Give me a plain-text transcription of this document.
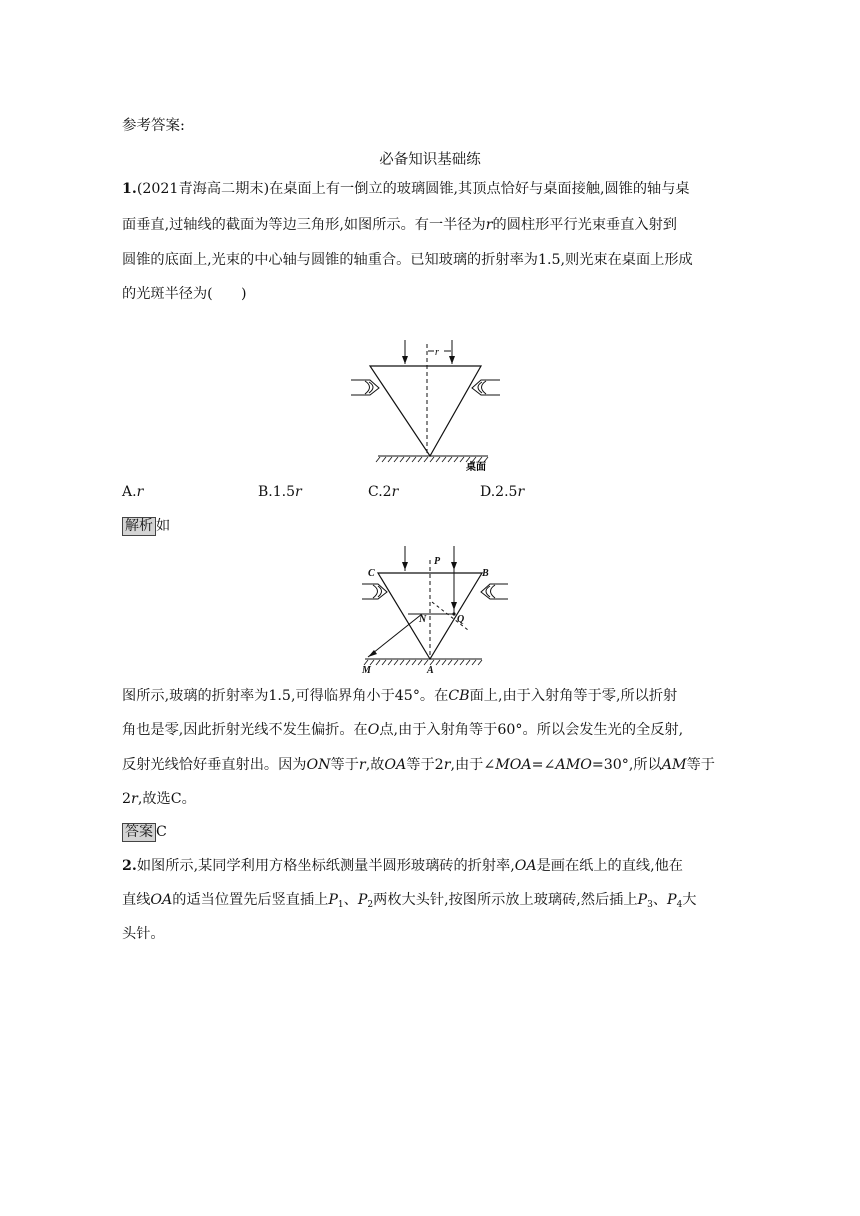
参考答案:
必备知识基础练
1.(2021青海高二期末)在桌面上有一倒立的玻璃圆锥,其顶点恰好与桌面接触,圆锥的轴与桌
面垂直,过轴线的截面为等边三角形,如图所示。有一半径为r的圆柱形平行光束垂直入射到
圆锥的底面上,光束的中心轴与圆锥的轴重合。已知玻璃的折射率为1.5,则光束在桌面上形成
的光斑半径为(　　)
r
桌面
A.r	B.1.5r	C.2r	D.2.5r
解析 如
C
P
B
N	Q
M	A
图所示,玻璃的折射率为1.5,可得临界角小于45°。在CB面上,由于入射角等于零,所以折射
角也是零,因此折射光线不发生偏折。在O点,由于入射角等于60°。所以会发生光的全反射,
反射光线恰好垂直射出。因为ON等于r,故OA等于2r,由于∠MOA=∠AMO=30°,所以AM等于
2r,故选C。
答案 C
2.如图所示,某同学利用方格坐标纸测量半圆形玻璃砖的折射率,OA是画在纸上的直线,他在
直线OA的适当位置先后竖直插上$P_1$、$P_2$两枚大头针,按图所示放上玻璃砖,然后插上$P_3$、$P_4$大
头针。
